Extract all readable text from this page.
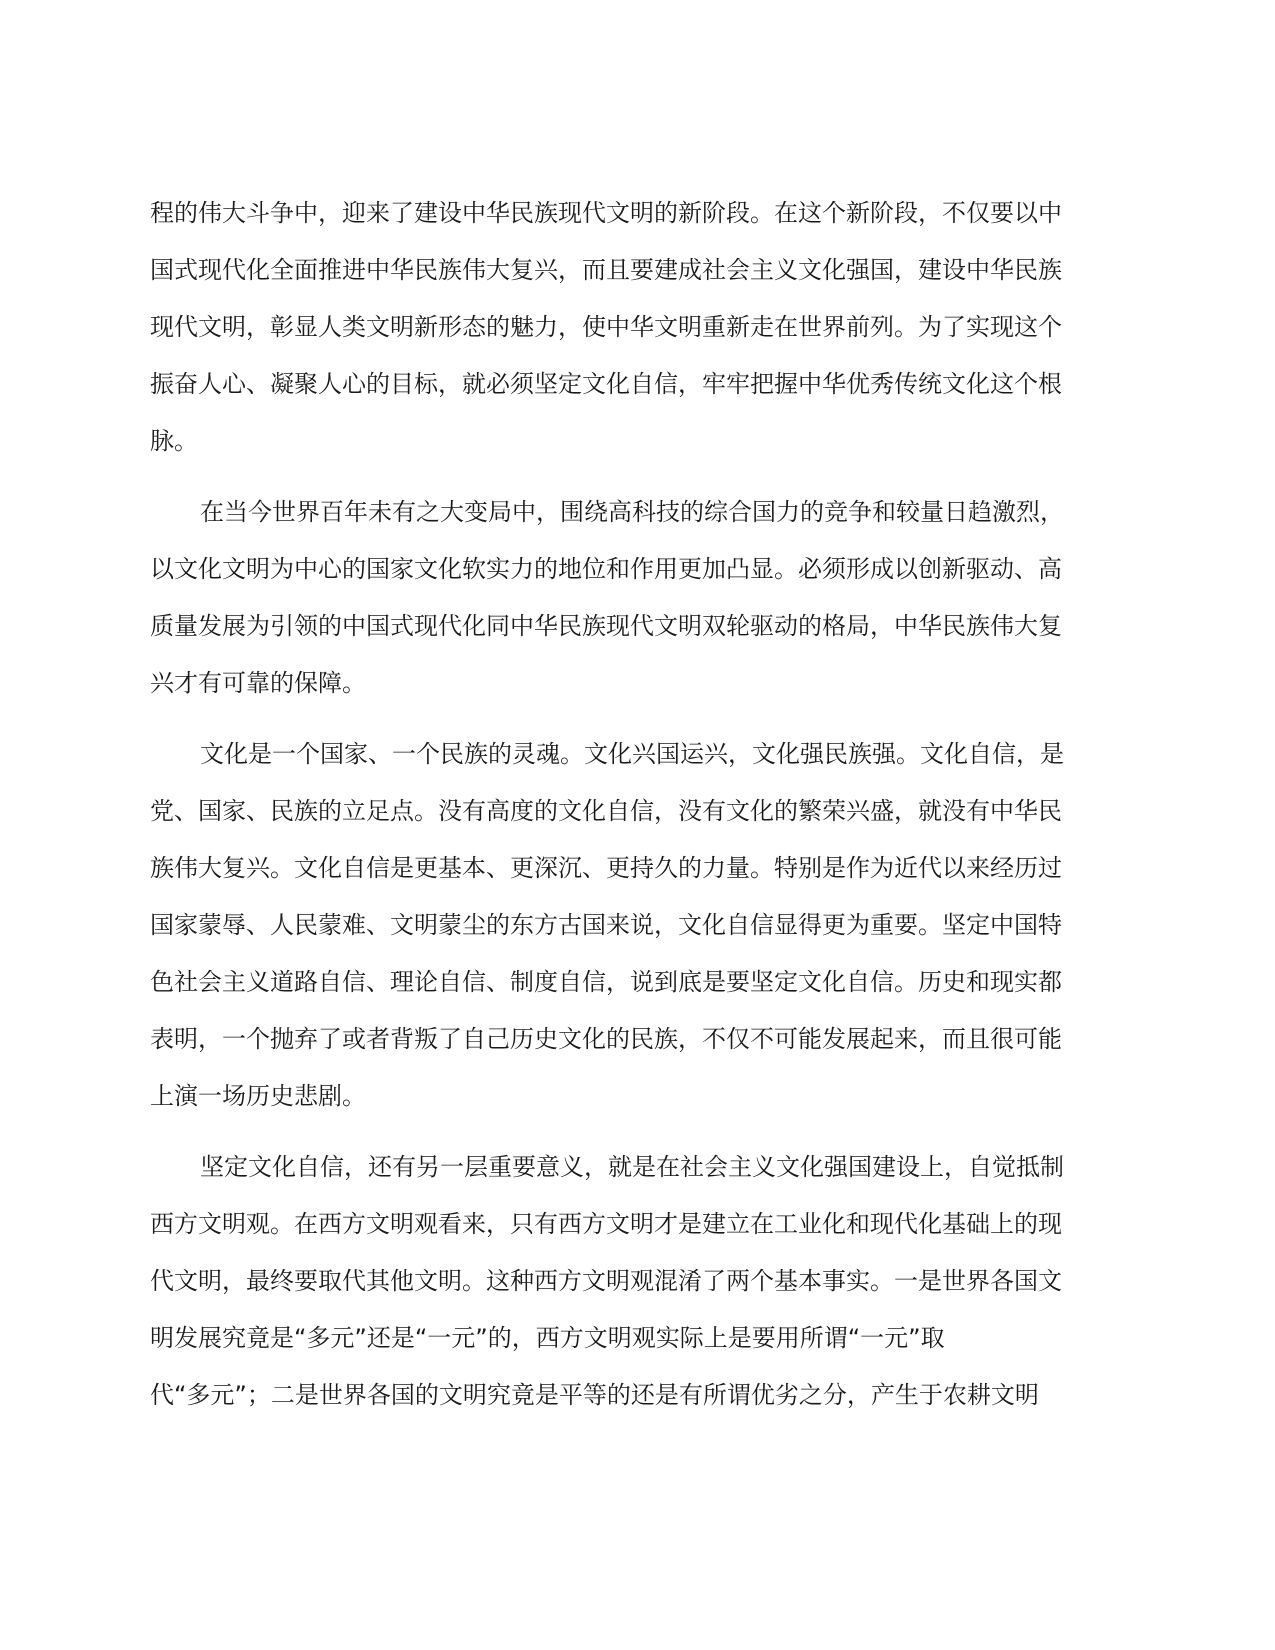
程的伟大斗争中，迎来了建设中华民族现代文明的新阶段。在这个新阶段，不仅要以中
国式现代化全面推进中华民族伟大复兴，而且要建成社会主义文化强国，建设中华民族
现代文明，彰显人类文明新形态的魅力，使中华文明重新走在世界前列。为了实现这个
振奋人心、凝聚人心的目标，就必须坚定文化自信，牢牢把握中华优秀传统文化这个根
脉。
在当今世界百年未有之大变局中，围绕高科技的综合国力的竞争和较量日趋激烈，
以文化文明为中心的国家文化软实力的地位和作用更加凸显。必须形成以创新驱动、高
质量发展为引领的中国式现代化同中华民族现代文明双轮驱动的格局，中华民族伟大复
兴才有可靠的保障。
文化是一个国家、一个民族的灵魂。文化兴国运兴，文化强民族强。文化自信，是
党、国家、民族的立足点。没有高度的文化自信，没有文化的繁荣兴盛，就没有中华民
族伟大复兴。文化自信是更基本、更深沉、更持久的力量。特别是作为近代以来经历过
国家蒙辱、人民蒙难、文明蒙尘的东方古国来说，文化自信显得更为重要。坚定中国特
色社会主义道路自信、理论自信、制度自信，说到底是要坚定文化自信。历史和现实都
表明，一个抛弃了或者背叛了自己历史文化的民族，不仅不可能发展起来，而且很可能
上演一场历史悲剧。
坚定文化自信，还有另一层重要意义，就是在社会主义文化强国建设上，自觉抵制
西方文明观。在西方文明观看来，只有西方文明才是建立在工业化和现代化基础上的现
代文明，最终要取代其他文明。这种西方文明观混淆了两个基本事实。一是世界各国文
明发展究竟是“多元”还是“一元”的，西方文明观实际上是要用所谓“一元”取
代“多元”；二是世界各国的文明究竟是平等的还是有所谓优劣之分，产生于农耕文明
